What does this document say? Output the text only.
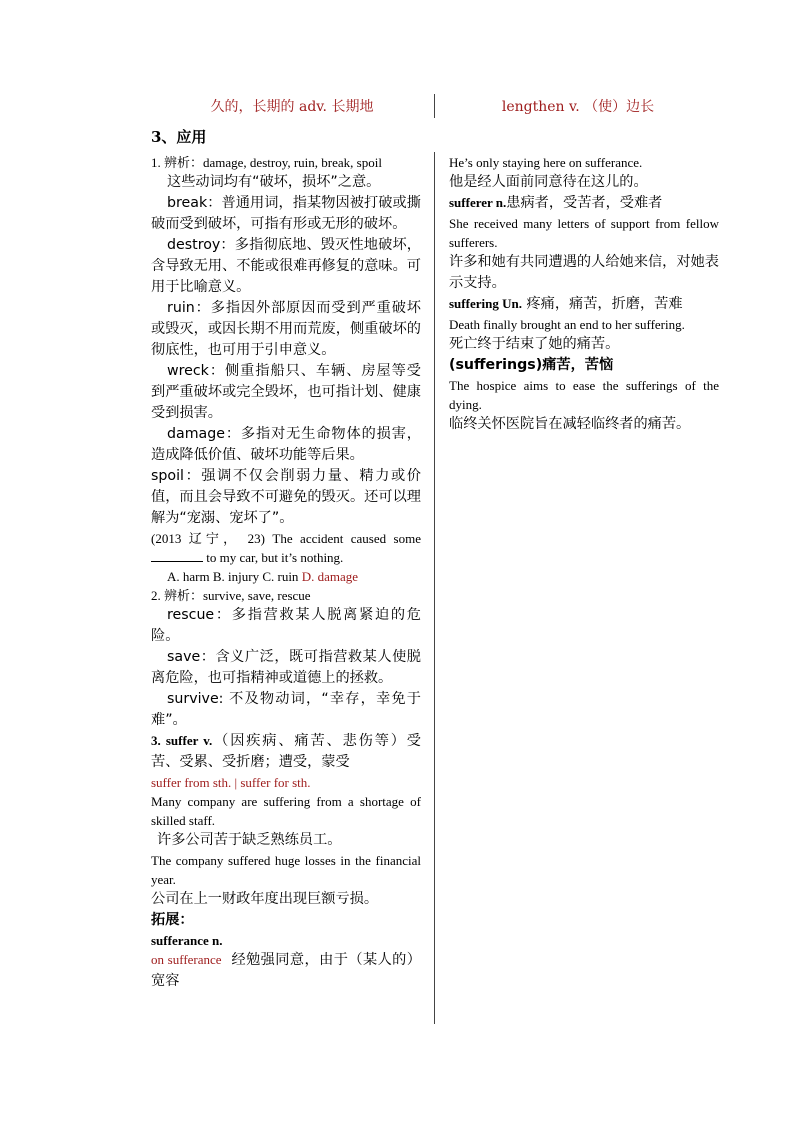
久的，长期的 adv. 长期地	lengthen v. （使）边长
3、应用

1. 辨析：damage, destroy, ruin, break, spoil

这些动词均有“破坏，损坏”之意。

break：普通用词，指某物因被打破或撕破而受到破坏，可指有形或无形的破坏。

destroy：多指彻底地、毁灭性地破坏，含导致无用、不能或很难再修复的意味。可用于比喻意义。

ruin：多指因外部原因而受到严重破坏或毁灭，或因长期不用而荒废，侧重破坏的彻底性，也可用于引申意义。

wreck：侧重指船只、车辆、房屋等受到严重破坏或完全毁坏，也可指计划、健康受到损害。

damage：多指对无生命物体的损害，造成降低价值、破坏功能等后果。

spoil：强调不仅会削弱力量、精力或价值，而且会导致不可避免的毁灭。还可以理解为“宠溺、宠坏了”。

(2013 辽宁， 23) The accident caused some  to my car, but it’s nothing.

A. harm B. injury C. ruin D. damage

2. 辨析：survive, save, rescue

rescue：多指营救某人脱离紧迫的危险。

save：含义广泛，既可指营救某人使脱离危险，也可指精神或道德上的拯救。

survive: 不及物动词，“幸存，幸免于难”。

3. suffer v.（因疾病、痛苦、悲伤等）受苦、受累、受折磨；遭受，蒙受

suffer from sth. | suffer for sth.

Many company are suffering from a shortage of skilled staff.

许多公司苦于缺乏熟练员工。

The company suffered huge losses in the financial year.

公司在上一财政年度出现巨额亏损。

拓展：

sufferance n.

on sufferance 经勉强同意，由于（某人的）宽容

He’s only staying here on sufferance.

他是经人面前同意待在这儿的。

sufferer n.患病者，受苦者，受难者

She received many letters of support from fellow sufferers.

许多和她有共同遭遇的人给她来信，对她表示支持。

suffering Un. 疼痛，痛苦，折磨，苦难

Death finally brought an end to her suffering.

死亡终于结束了她的痛苦。

(sufferings)痛苦，苦恼

The hospice aims to ease the sufferings of the dying.

临终关怀医院旨在减轻临终者的痛苦。
